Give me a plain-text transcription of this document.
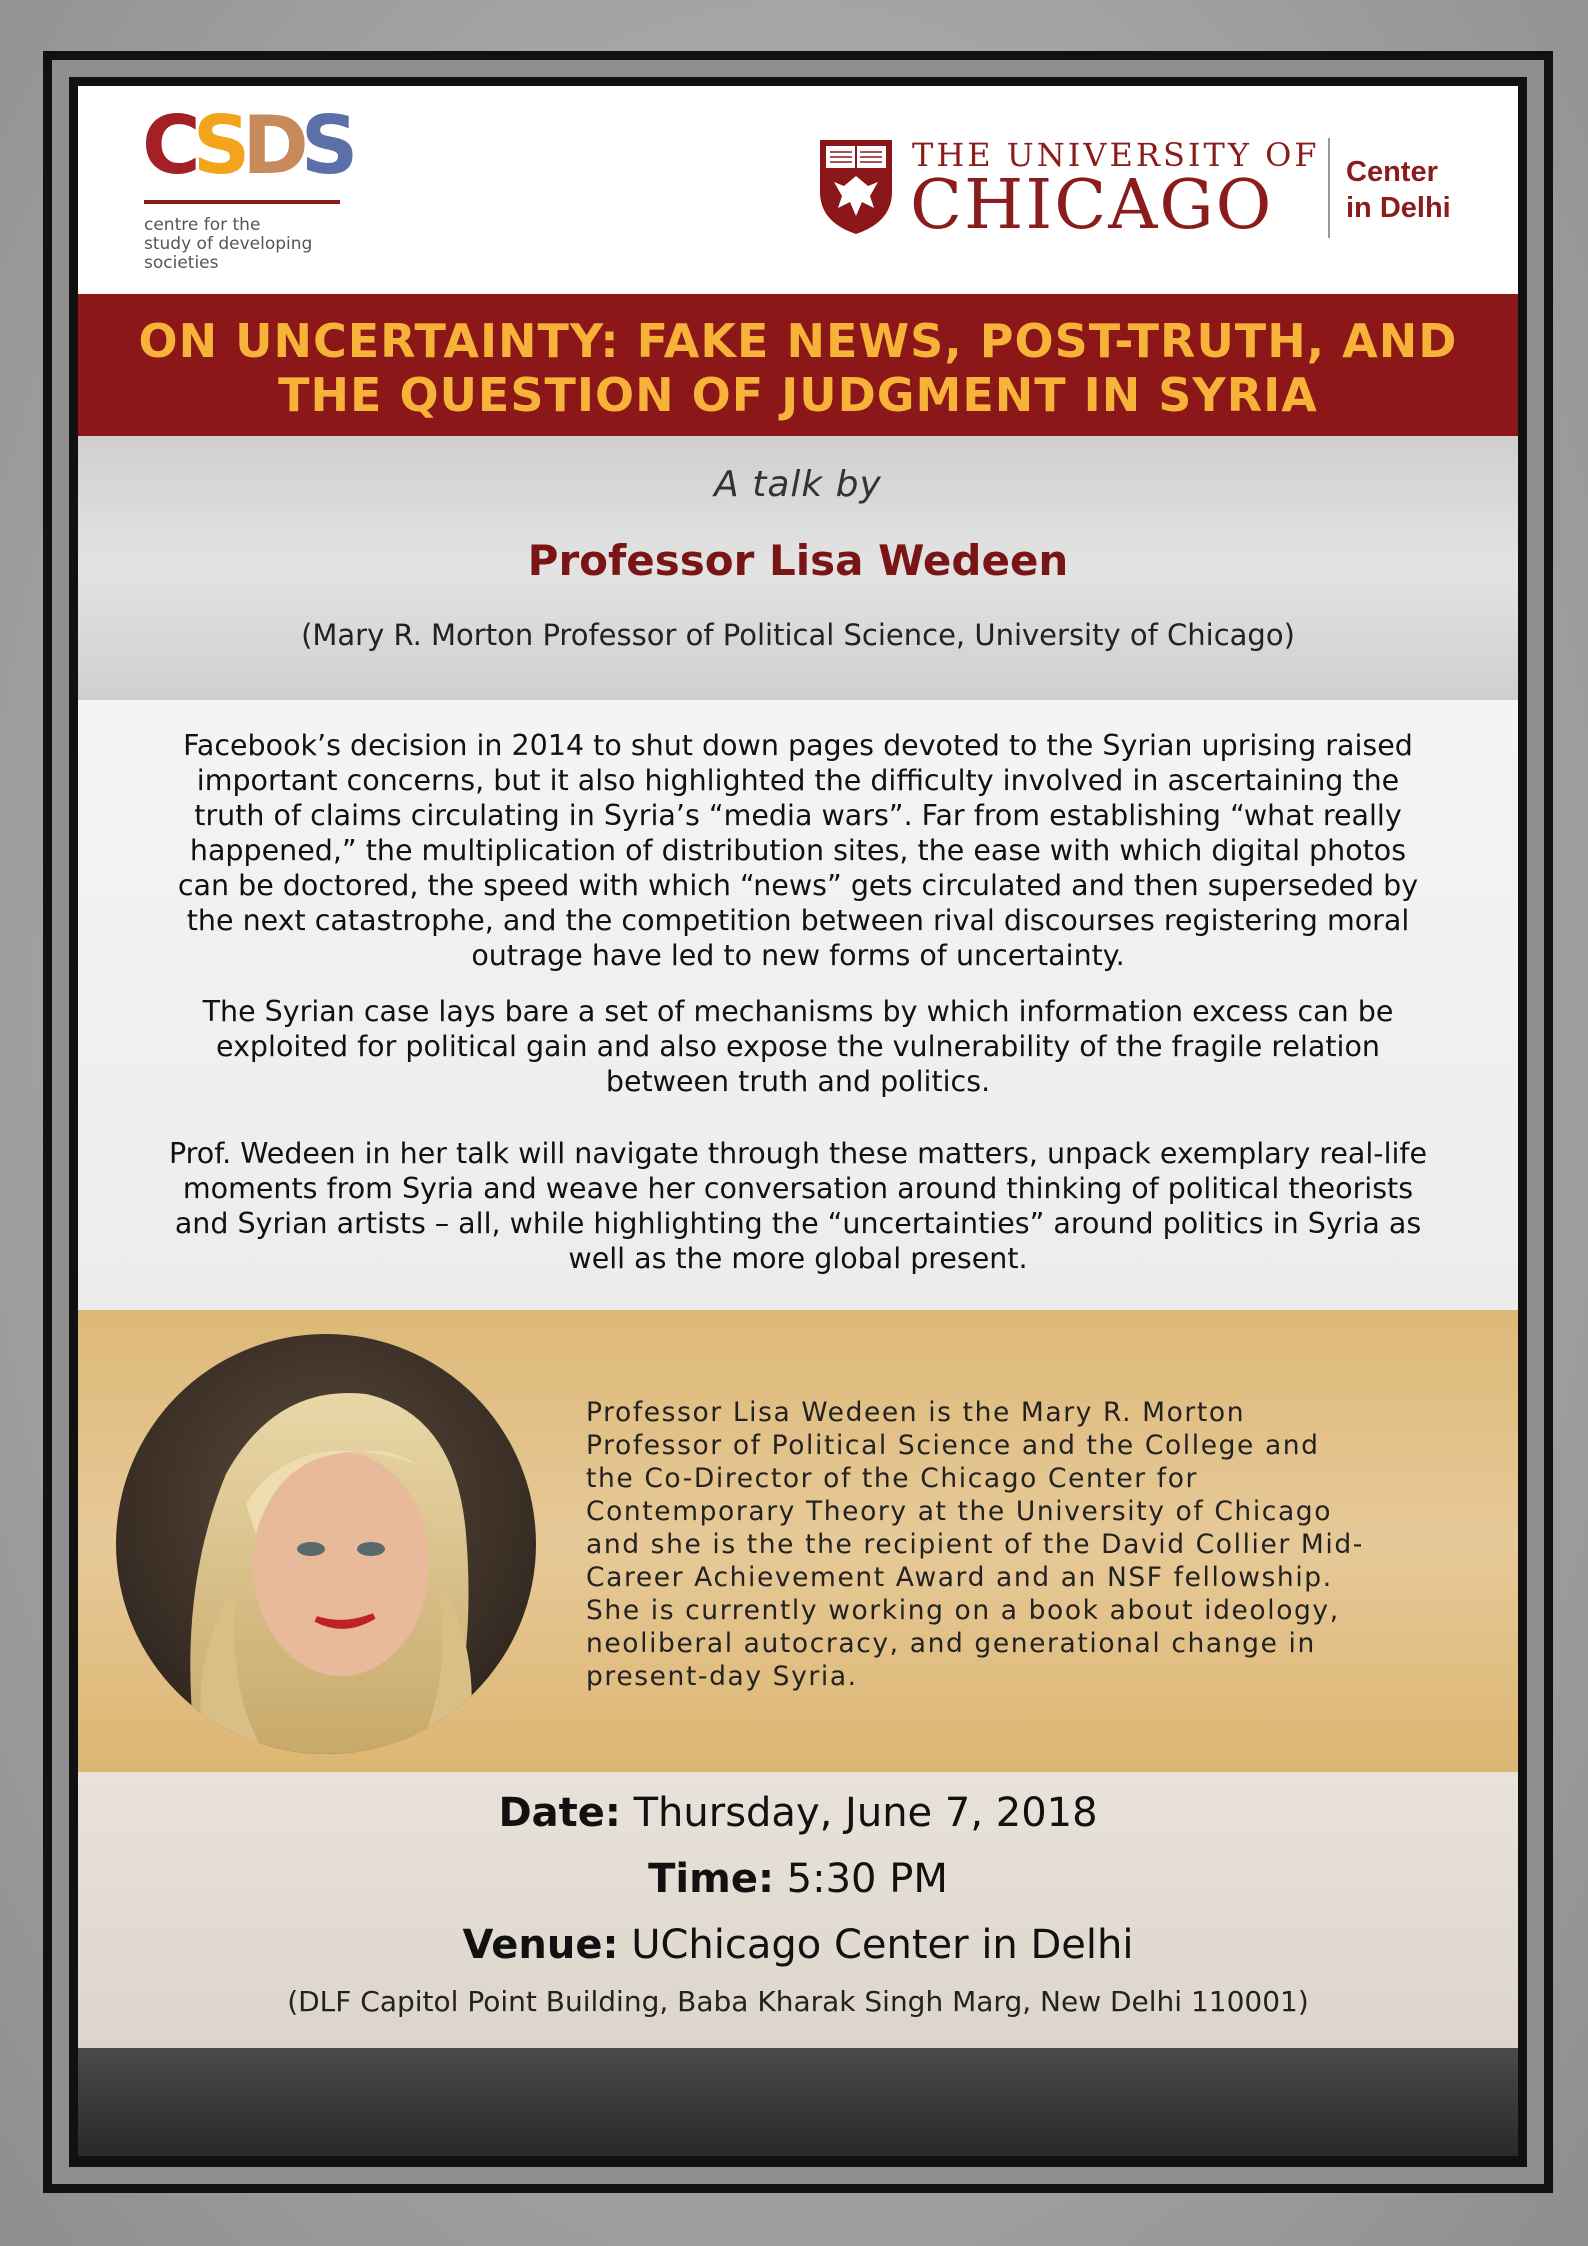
CSDS
centre for the
study of developing
societies
THE UNIVERSITY OF
CHICAGO	Center
in Delhi
ON UNCERTAINTY: FAKE NEWS, POST-TRUTH, AND
THE QUESTION OF JUDGMENT IN SYRIA
A talk by
Professor Lisa Wedeen
(Mary R. Morton Professor of Political Science, University of Chicago)
Facebook’s decision in 2014 to shut down pages devoted to the Syrian uprising raised
important concerns, but it also highlighted the difficulty involved in ascertaining the
truth of claims circulating in Syria’s “media wars”. Far from establishing “what really
happened,” the multiplication of distribution sites, the ease with which digital photos
can be doctored, the speed with which “news” gets circulated and then superseded by
the next catastrophe, and the competition between rival discourses registering moral
outrage have led to new forms of uncertainty.
The Syrian case lays bare a set of mechanisms by which information excess can be
exploited for political gain and also expose the vulnerability of the fragile relation
between truth and politics.
Prof. Wedeen in her talk will navigate through these matters, unpack exemplary real-life
moments from Syria and weave her conversation around thinking of political theorists
and Syrian artists – all, while highlighting the “uncertainties” around politics in Syria as
well as the more global present.
Professor Lisa Wedeen is the Mary R. Morton
Professor of Political Science and the College and
the Co-Director of the Chicago Center for
Contemporary Theory at the University of Chicago
and she is the the recipient of the David Collier Mid-
Career Achievement Award and an NSF fellowship.
She is currently working on a book about ideology,
neoliberal autocracy, and generational change in
present-day Syria.
Date: Thursday, June 7, 2018
Time: 5:30 PM
Venue: UChicago Center in Delhi
(DLF Capitol Point Building, Baba Kharak Singh Marg, New Delhi 110001)
